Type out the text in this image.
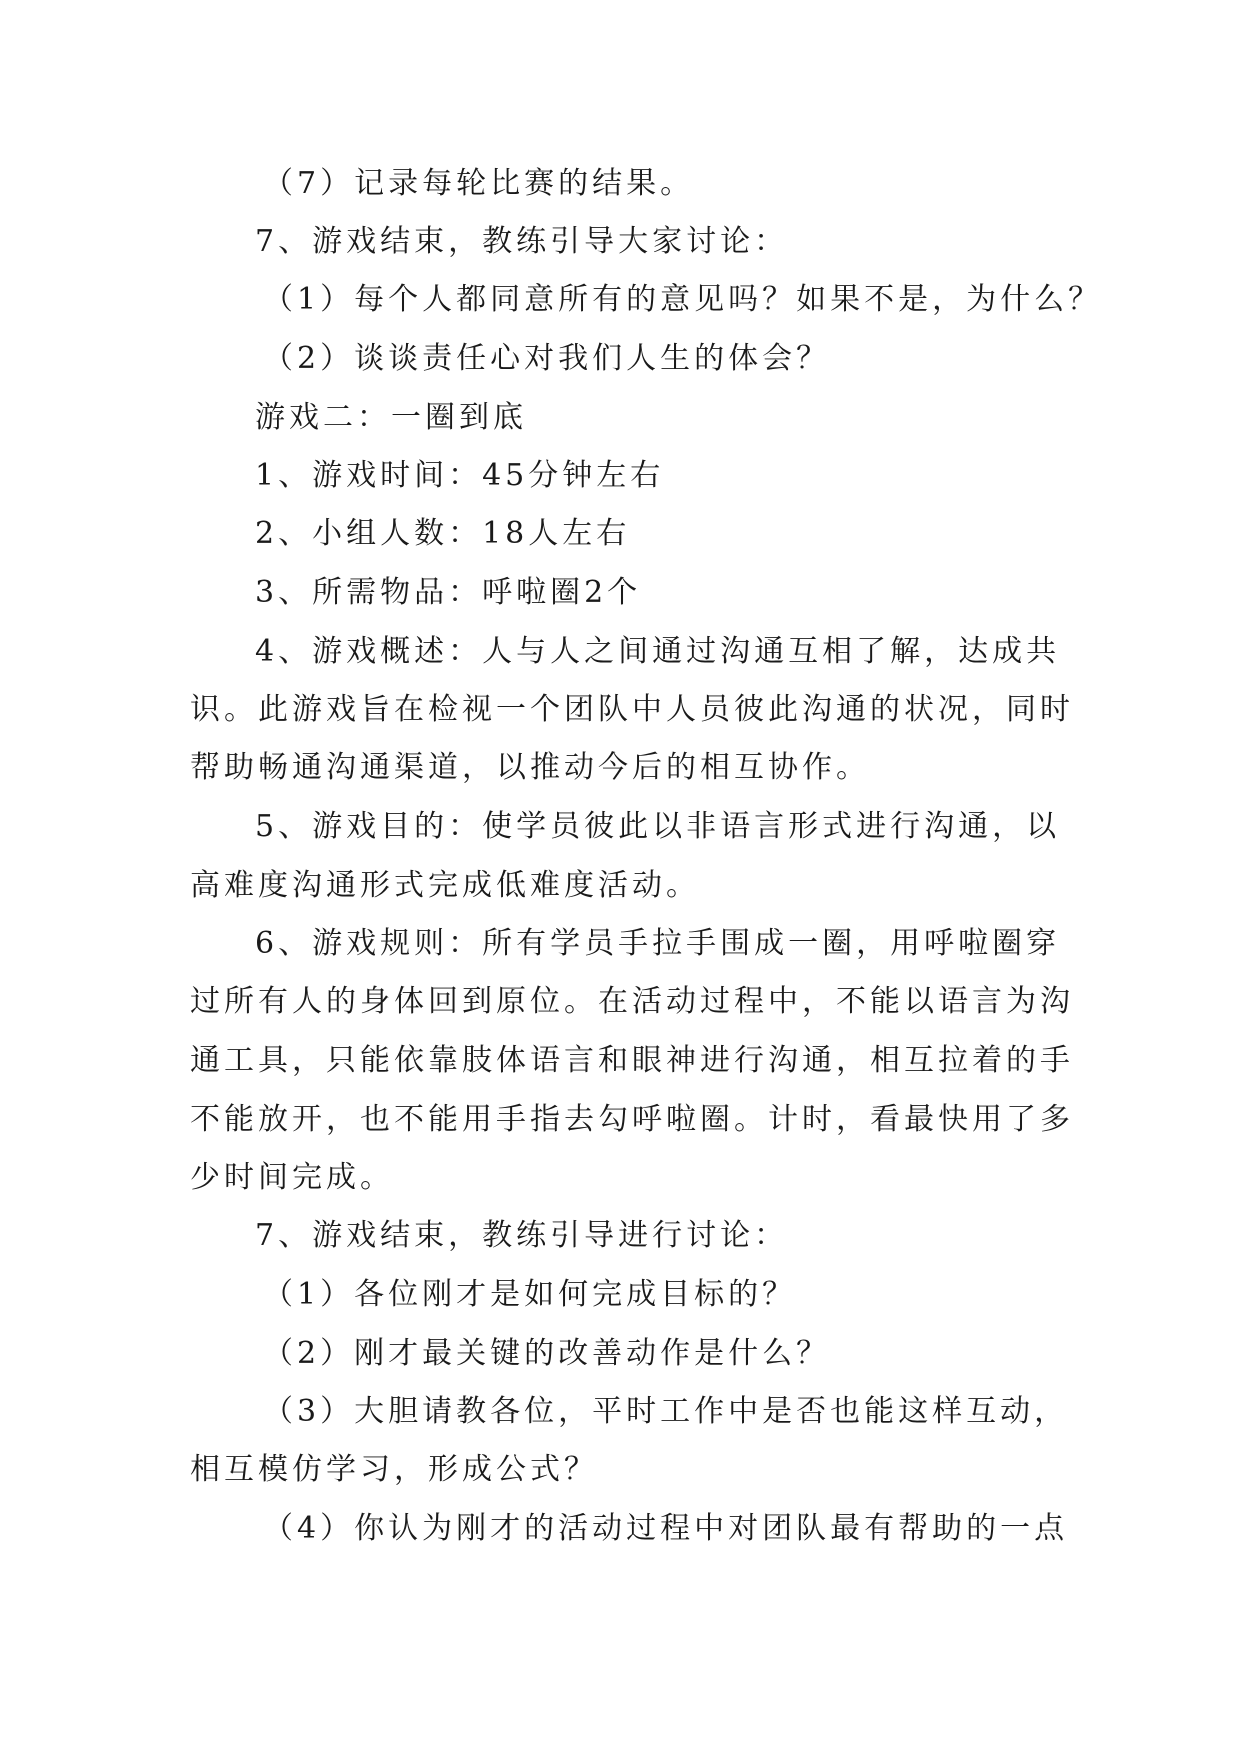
（7）记录每轮比赛的结果。
7、游戏结束，教练引导大家讨论：
（1）每个人都同意所有的意见吗？如果不是，为什么？
（2）谈谈责任心对我们人生的体会？
游戏二：一圈到底
1、游戏时间：45分钟左右
2、小组人数：18人左右
3、所需物品：呼啦圈2个
4、游戏概述：人与人之间通过沟通互相了解，达成共
识。此游戏旨在检视一个团队中人员彼此沟通的状况，同时
帮助畅通沟通渠道，以推动今后的相互协作。
5、游戏目的：使学员彼此以非语言形式进行沟通，以
高难度沟通形式完成低难度活动。
6、游戏规则：所有学员手拉手围成一圈，用呼啦圈穿
过所有人的身体回到原位。在活动过程中，不能以语言为沟
通工具，只能依靠肢体语言和眼神进行沟通，相互拉着的手
不能放开，也不能用手指去勾呼啦圈。计时，看最快用了多
少时间完成。
7、游戏结束，教练引导进行讨论：
（1）各位刚才是如何完成目标的？
（2）刚才最关键的改善动作是什么？
（3）大胆请教各位，平时工作中是否也能这样互动，
相互模仿学习，形成公式？
（4）你认为刚才的活动过程中对团队最有帮助的一点
